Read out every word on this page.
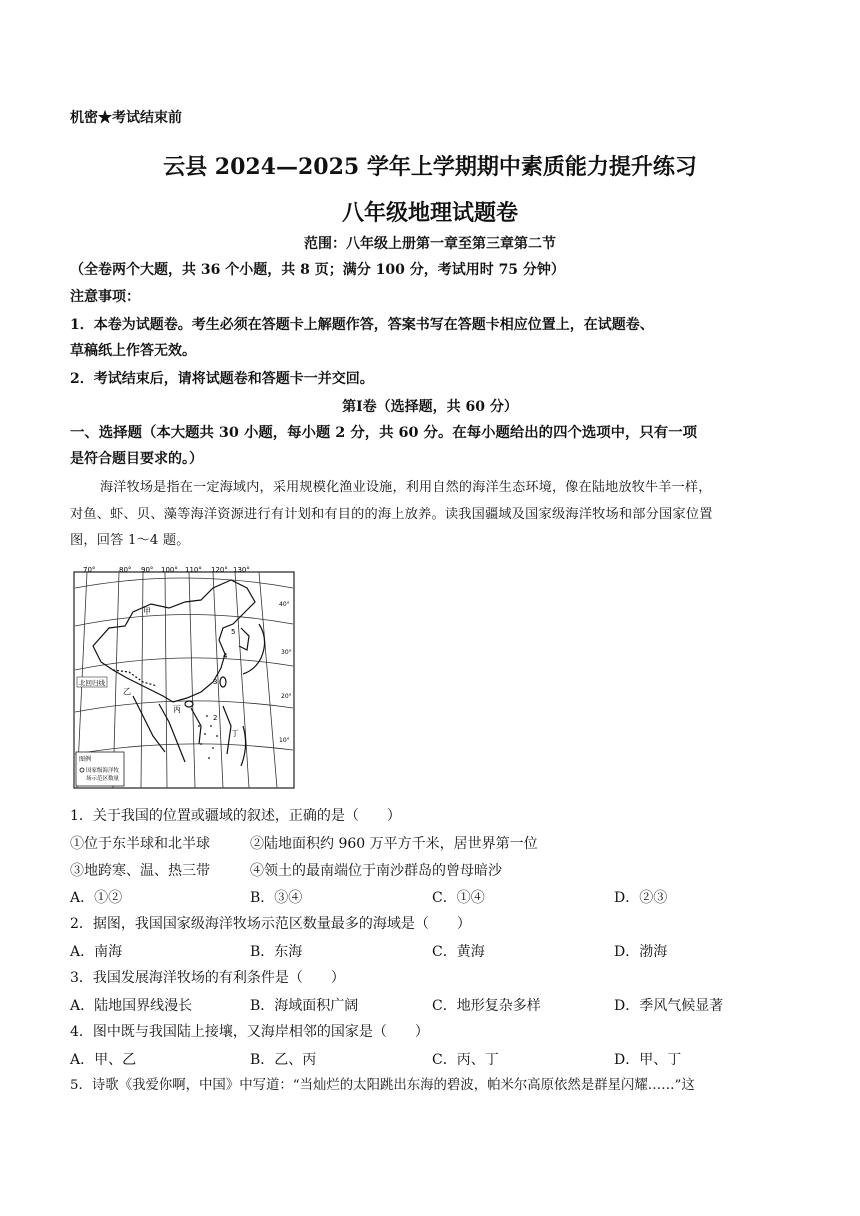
机密★考试结束前
云县 2024—2025 学年上学期期中素质能力提升练习
八年级地理试题卷
范围：八年级上册第一章至第三章第二节
（全卷两个大题，共 36 个小题，共 8 页；满分 100 分，考试用时 75 分钟）
注意事项：
1．本卷为试题卷。考生必须在答题卡上解题作答，答案书写在答题卡相应位置上，在试题卷、
草稿纸上作答无效。
2．考试结束后，请将试题卷和答题卡一并交回。
第Ⅰ卷（选择题，共 60 分）
一、选择题（本大题共 30 小题，每小题 2 分，共 60 分。在每小题给出的四个选项中，只有一项
是符合题目要求的。）
海洋牧场是指在一定海域内，采用规模化渔业设施，利用自然的海洋生态环境，像在陆地放牧牛羊一样，
对鱼、虾、贝、藻等海洋资源进行有计划和有目的的海上放养。读我国疆域及国家级海洋牧场和部分国家位置
图，回答 1～4 题。
70°	80° 90° 100° 110° 120° 130°
40°
30°
20°
10°
5
4
3
2
甲
乙
丙
丁
北回归线
图例
国家级海洋牧
场示范区数量
1．关于我国的位置或疆域的叙述，正确的是（　　）
①位于东半球和北半球	②陆地面积约 960 万平方千米，居世界第一位
③地跨寒、温、热三带	④领土的最南端位于南沙群岛的曾母暗沙
A．①②	B．③④	C．①④	D．②③
2．据图，我国国家级海洋牧场示范区数量最多的海域是（　　）
A．南海	B．东海	C．黄海	D．渤海
3．我国发展海洋牧场的有利条件是（　　）
A．陆地国界线漫长	B．海域面积广阔	C．地形复杂多样	D．季风气候显著
4．图中既与我国陆上接壤，又海岸相邻的国家是（　　）
A．甲、乙	B．乙、丙	C．丙、丁	D．甲、丁
5．诗歌《我爱你啊，中国》中写道：“当灿烂的太阳跳出东海的碧波，帕米尔高原依然是群星闪耀……”这
